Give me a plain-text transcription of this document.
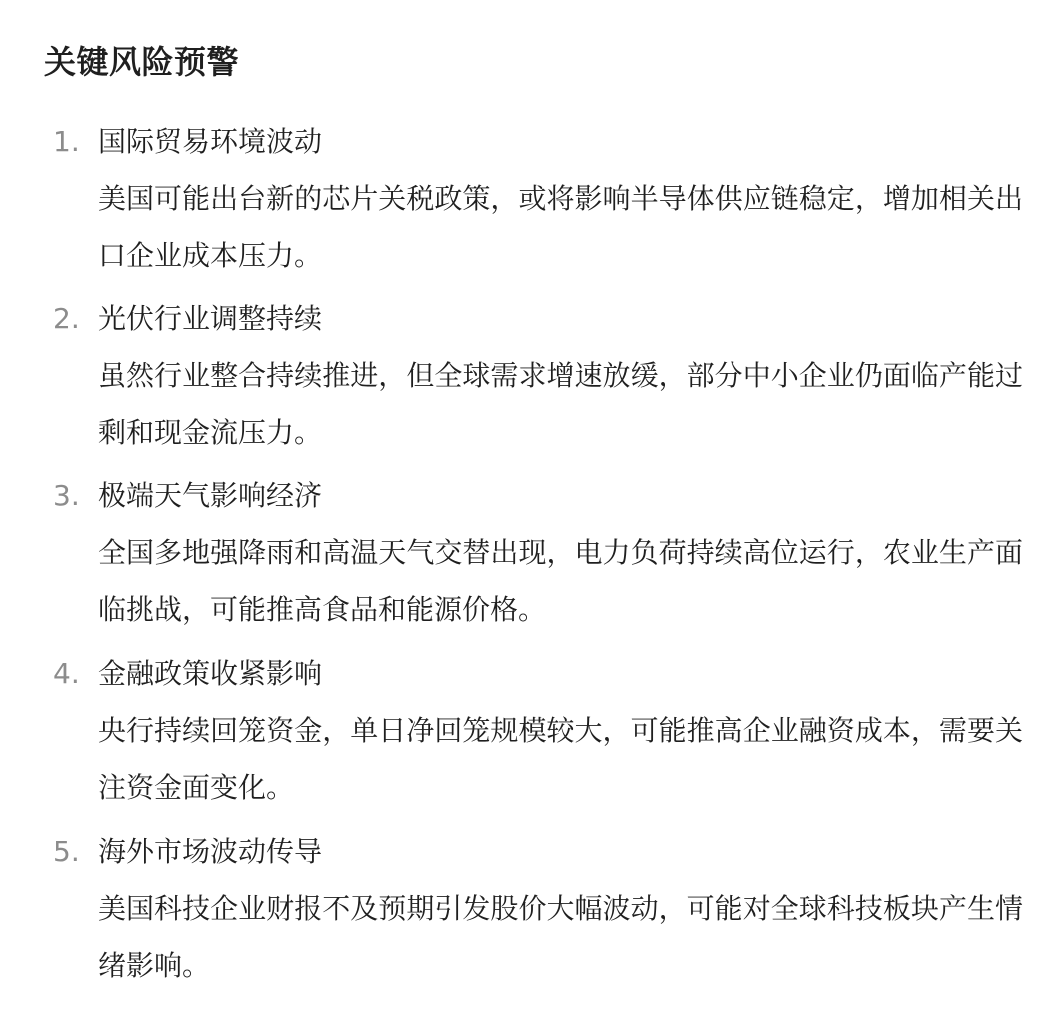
关键风险预警
1. 国际贸易环境波动
美国可能出台新的芯片关税政策，或将影响半导体供应链稳定，增加相关出口企业成本压力。
2. 光伏行业调整持续
虽然行业整合持续推进，但全球需求增速放缓，部分中小企业仍面临产能过剩和现金流压力。
3. 极端天气影响经济
全国多地强降雨和高温天气交替出现，电力负荷持续高位运行，农业生产面临挑战，可能推高食品和能源价格。
4. 金融政策收紧影响
央行持续回笼资金，单日净回笼规模较大，可能推高企业融资成本，需要关注资金面变化。
5. 海外市场波动传导
美国科技企业财报不及预期引发股价大幅波动，可能对全球科技板块产生情绪影响。
